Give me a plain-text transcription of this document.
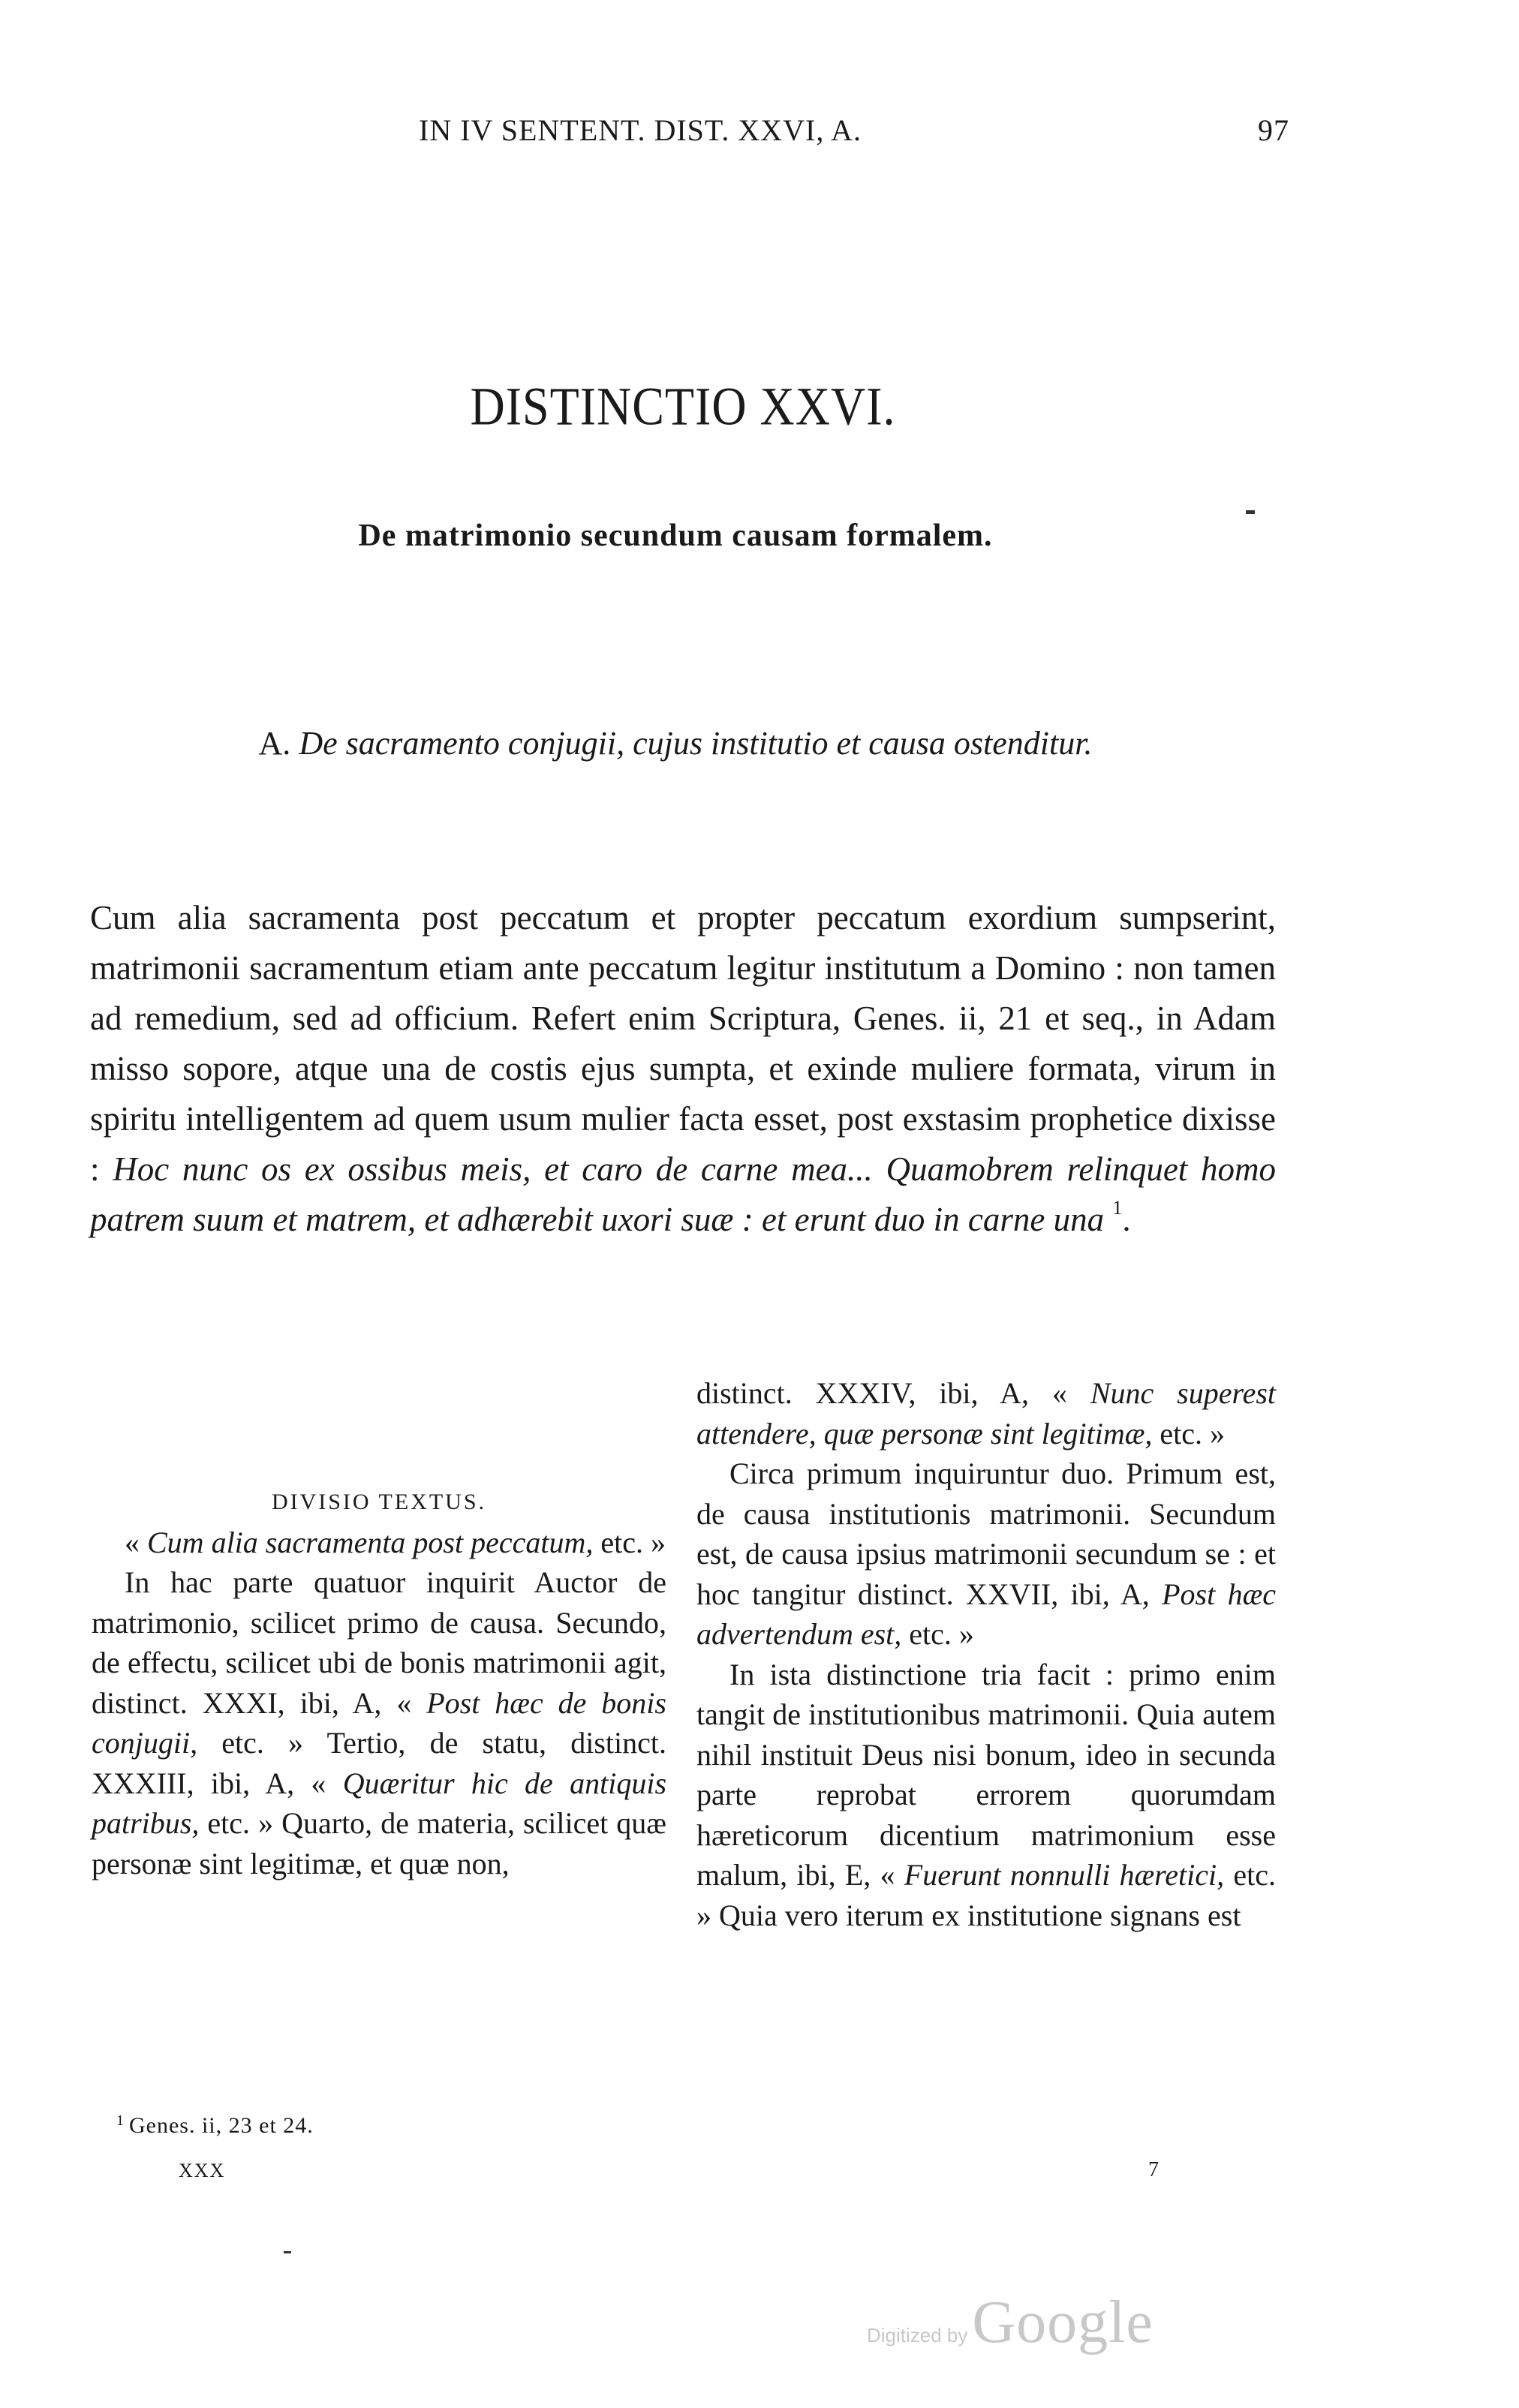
IN IV SENTENT. DIST. XXVI, A.	97
DISTINCTIO XXVI.
De matrimonio secundum causam formalem.
A. De sacramento conjugii, cujus institutio et causa ostenditur.
Cum alia sacramenta post peccatum et propter peccatum exordium sumpserint, matrimonii sacramentum etiam ante peccatum legitur institutum a Domino : non tamen ad remedium, sed ad officium. Refert enim Scriptura, Genes. ii, 21 et seq., in Adam misso sopore, atque una de costis ejus sumpta, et exinde muliere formata, virum in spiritu intelligentem ad quem usum mulier facta esset, post exstasim prophetice dixisse : Hoc nunc os ex ossibus meis, et caro de carne mea... Quamobrem relinquet homo patrem suum et matrem, et adhærebit uxori suæ : et erunt duo in carne una $^1$.

DIVISIO TEXTUS.

« Cum alia sacramenta post peccatum, etc. »

In hac parte quatuor inquirit Auctor de matrimonio, scilicet primo de causa. Secundo, de effectu, scilicet ubi de bonis matrimonii agit, distinct. XXXI, ibi, A, « Post hæc de bonis conjugii, etc. » Tertio, de statu, distinct. XXXIII, ibi, A, « Quæritur hic de antiquis patribus, etc. » Quarto, de materia, scilicet quæ personæ sint legitimæ, et quæ non,

distinct. XXXIV, ibi, A, « Nunc superest attendere, quæ personæ sint legitimæ, etc. »

Circa primum inquiruntur duo. Primum est, de causa institutionis matrimonii. Secundum est, de causa ipsius matrimonii secundum se : et hoc tangitur distinct. XXVII, ibi, A, Post hæc advertendum est, etc. »

In ista distinctione tria facit : primo enim tangit de institutionibus matrimonii. Quia autem nihil instituit Deus nisi bonum, ideo in secunda parte reprobat errorem quorumdam hæreticorum dicentium matrimonium esse malum, ibi, E, « Fuerunt nonnulli hæretici, etc. » Quia vero iterum ex institutione signans est

$^1$ Genes. ii, 23 et 24.
XXX	7
Digitized by Google
